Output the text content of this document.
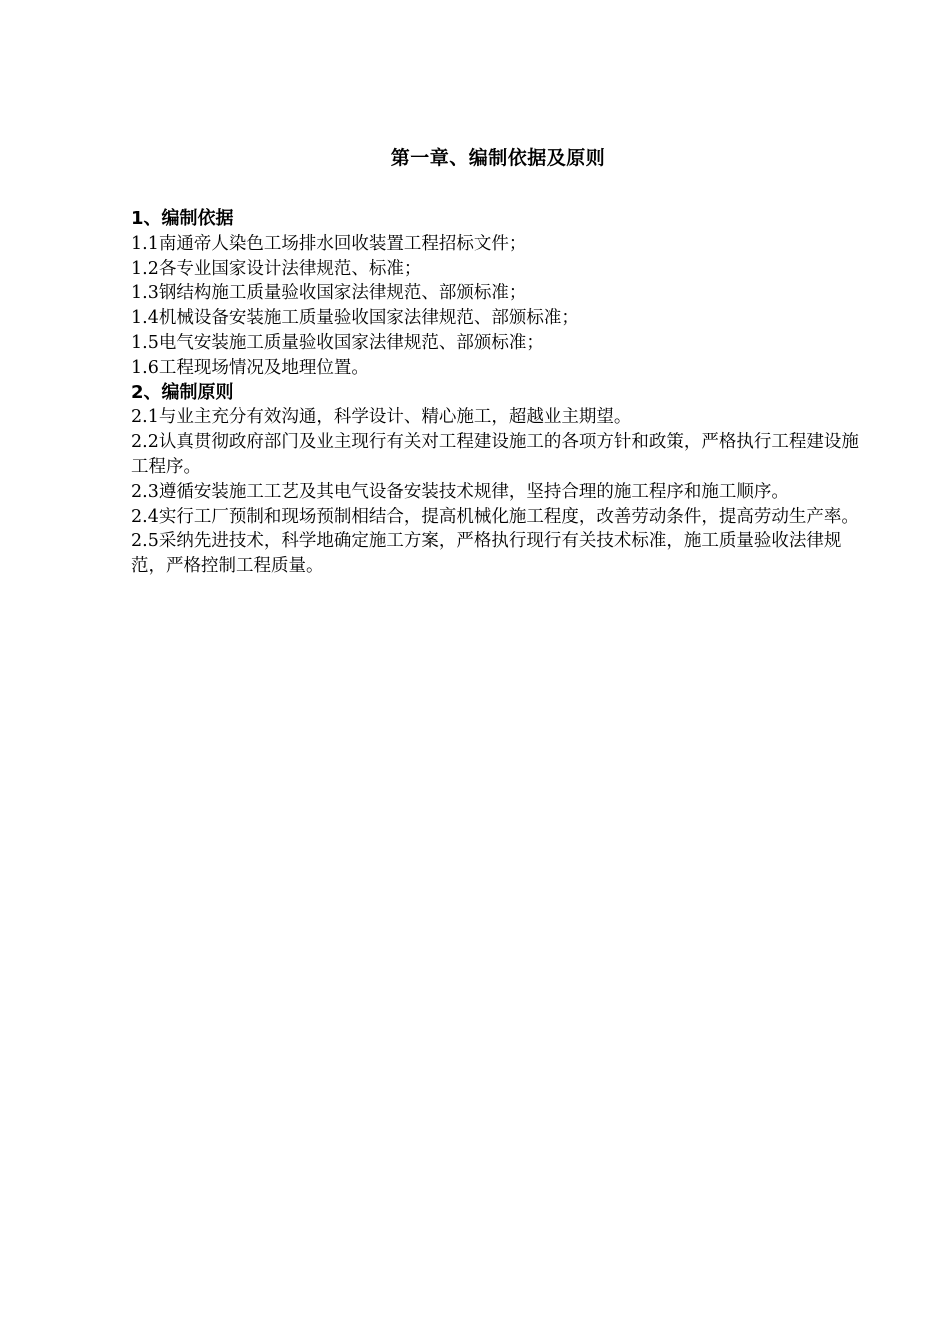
第一章、编制依据及原则
1、编制依据
1.1南通帝人染色工场排水回收装置工程招标文件；
1.2各专业国家设计法律规范、标准；
1.3钢结构施工质量验收国家法律规范、部颁标准；
1.4机械设备安装施工质量验收国家法律规范、部颁标准；
1.5电气安装施工质量验收国家法律规范、部颁标准；
1.6工程现场情况及地理位置。
2、编制原则
2.1与业主充分有效沟通，科学设计、精心施工，超越业主期望。
2.2认真贯彻政府部门及业主现行有关对工程建设施工的各项方针和政策，严格执行工程建设施工程序。
2.3遵循安装施工工艺及其电气设备安装技术规律，坚持合理的施工程序和施工顺序。
2.4实行工厂预制和现场预制相结合，提高机械化施工程度，改善劳动条件，提高劳动生产率。
2.5采纳先进技术，科学地确定施工方案，严格执行现行有关技术标准，施工质量验收法律规范，严格控制工程质量。
